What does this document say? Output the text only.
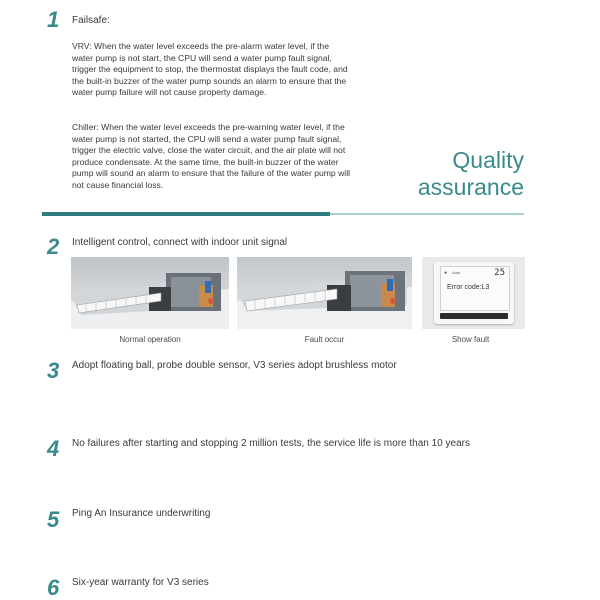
1 Failsafe:
VRV: When the water level exceeds the pre-alarm water level, if the water pump is not start, the CPU will send a water pump fault signal, trigger the equipment to stop, the thermostat displays the fault code, and the built-in buzzer of the water pump sounds an alarm to ensure that the water pump failure will not cause property damage.
Chiller: When the water level exceeds the pre-warning water level, if the water pump is not started, the CPU will send a water pump fault signal, trigger the electric valve, close the water circuit, and the air plate will not produce condensate. At the same time, the built-in buzzer of the water pump will sound an alarm to ensure that the failure of the water pump will not cause financial loss.
Quality
assurance
2 Intelligent control, connect with indoor unit signal
Normal operation	Fault occur
● Auto	25
Error code:L3
Show fault
3 Adopt floating ball, probe double sensor, V3 series adopt brushless motor
4 No failures after starting and stopping 2 million tests, the service life is more than 10 years
5 Ping An Insurance underwriting
6 Six-year warranty for V3 series
